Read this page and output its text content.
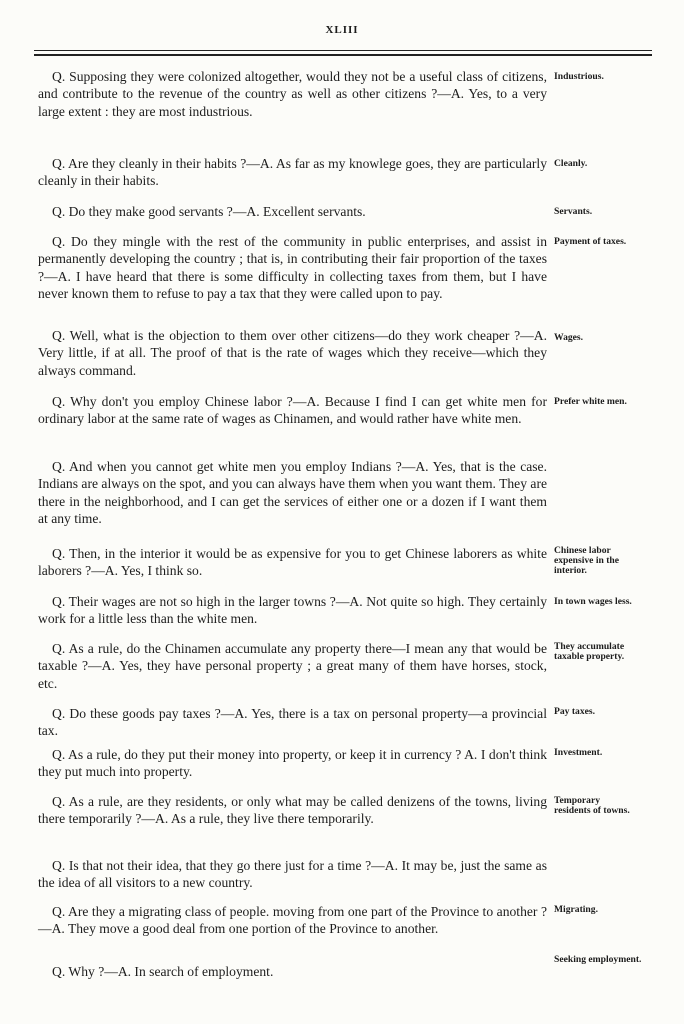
XLIII

Q. Supposing they were colonized altogether, would they not be a useful class of citizens, and contribute to the revenue of the country as well as other citizens ?—A. Yes, to a very large extent : they are most industrious.

Industrious.

Q. Are they cleanly in their habits ?—A. As far as my knowlege goes, they are particularly cleanly in their habits.

Cleanly.

Q. Do they make good servants ?—A. Excellent servants.	Servants.

Q. Do they mingle with the rest of the community in public enterprises, and assist in permanently developing the country ; that is, in contributing their fair proportion of the taxes ?—A. I have heard that there is some difficulty in collecting taxes from them, but I have never known them to refuse to pay a tax that they were called upon to pay.

Payment of taxes.

Q. Well, what is the objection to them over other citizens—do they work cheaper ?—A. Very little, if at all. The proof of that is the rate of wages which they receive—which they always command.

Wages.

Q. Why don't you employ Chinese labor ?—A. Because I find I can get white men for ordinary labor at the same rate of wages as Chinamen, and would rather have white men.

Prefer white men.

Q. And when you cannot get white men you employ Indians ?—A. Yes, that is the case. Indians are always on the spot, and you can always have them when you want them. They are there in the neighborhood, and I can get the services of either one or a dozen if I want them at any time.

Q. Then, in the interior it would be as expensive for you to get Chinese laborers as white laborers ?—A. Yes, I think so.

Chinese labor expensive in the interior.

Q. Their wages are not so high in the larger towns ?—A. Not quite so high. They certainly work for a little less than the white men.

In town wages less.

Q. As a rule, do the Chinamen accumulate any property there—I mean any that would be taxable ?—A. Yes, they have personal property ; a great many of them have horses, stock, etc.

They accumulate taxable property.

Q. Do these goods pay taxes ?—A. Yes, there is a tax on personal property—a provincial tax.

Pay taxes.

Q. As a rule, do they put their money into property, or keep it in currency ? A. I don't think they put much into property.

Investment.

Q. As a rule, are they residents, or only what may be called denizens of the towns, living there temporarily ?—A. As a rule, they live there temporarily.

Temporary residents of towns.

Q. Is that not their idea, that they go there just for a time ?—A. It may be, just the same as the idea of all visitors to a new country.

Q. Are they a migrating class of people. moving from one part of the Province to another ?—A. They move a good deal from one portion of the Province to another.

Migrating.

Q. Why ?—A. In search of employment.

Seeking employment.
